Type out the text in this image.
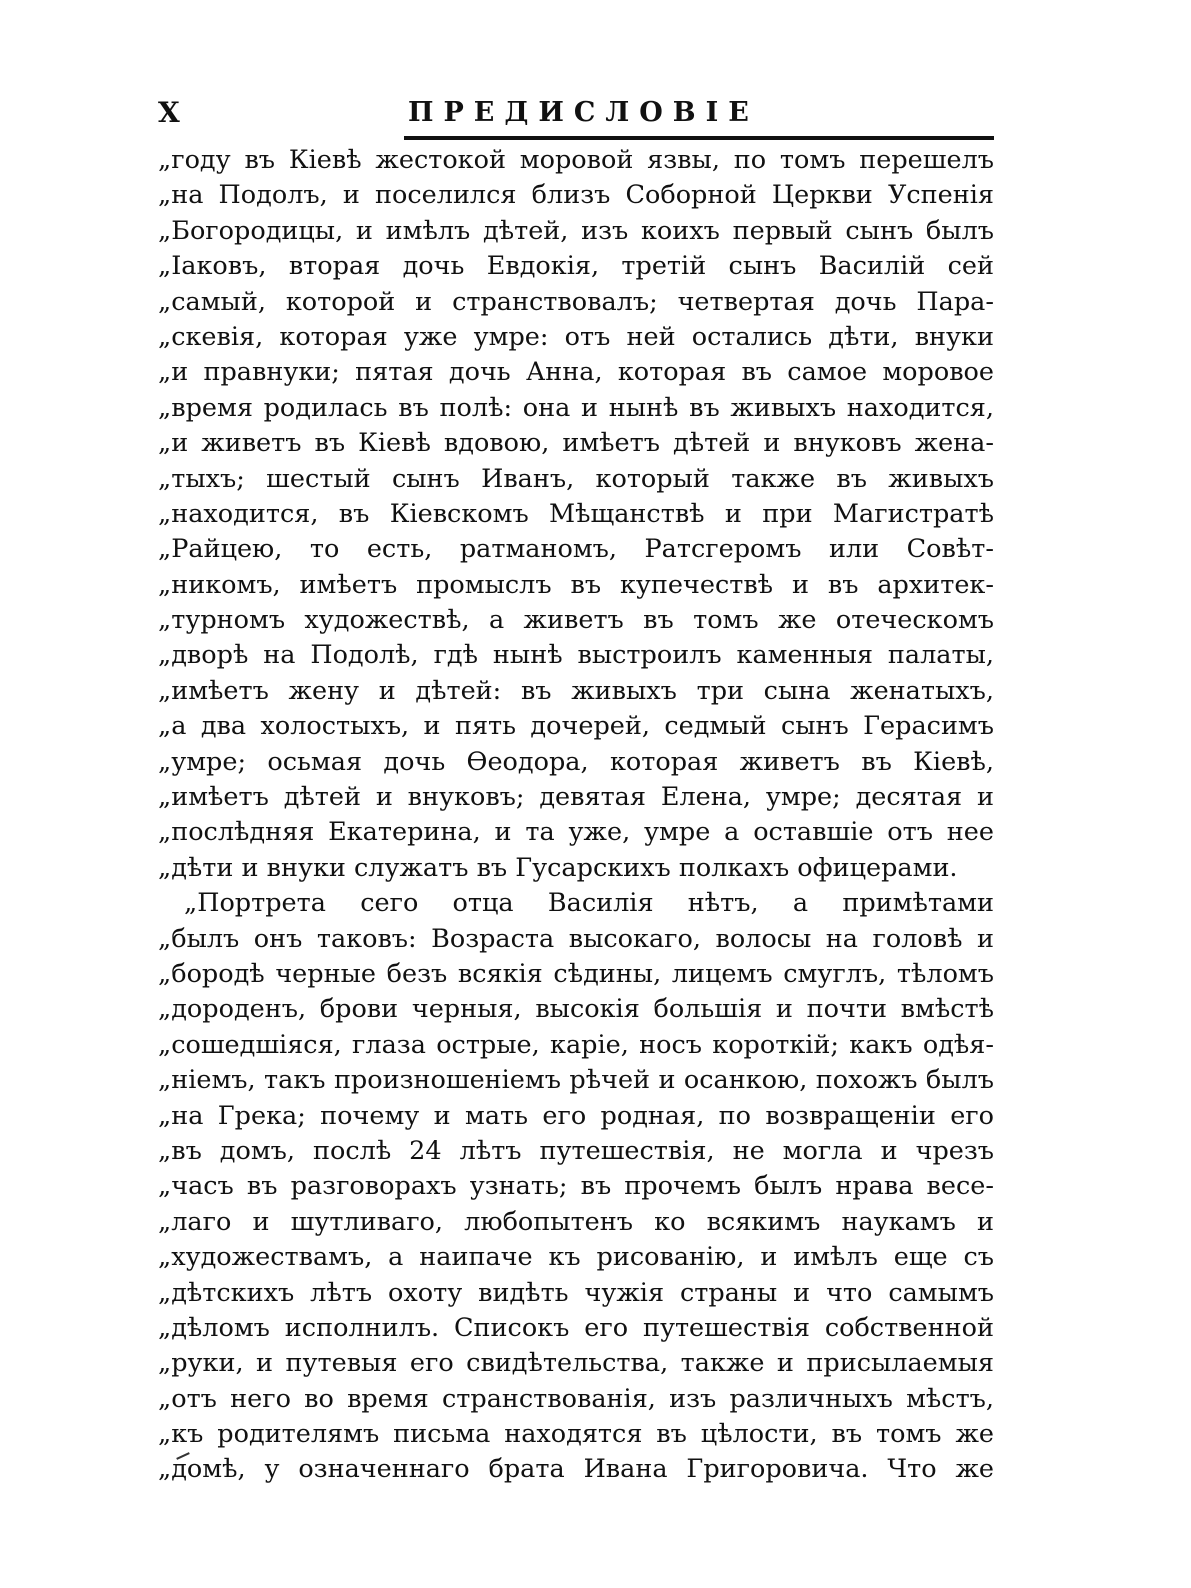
X	ПРЕДИСЛОВІЕ
„году въ Кіевѣ жестокой моровой язвы, по томъ перешелъ
„на Подолъ, и поселился близъ Соборной Церкви Успенія
„Богородицы, и имѣлъ дѣтей, изъ коихъ первый сынъ былъ
„Іаковъ, вторая дочь Евдокія, третій сынъ Василій сей
„самый, которой и странствовалъ; четвертая дочь Пара-
„скевія, которая уже умре: отъ ней остались дѣти, внуки
„и правнуки; пятая дочь Анна, которая въ самое моровое
„время родилась въ полѣ: она и нынѣ въ живыхъ находится,
„и живетъ въ Кіевѣ вдовою, имѣетъ дѣтей и внуковъ жена-
„тыхъ; шестый сынъ Иванъ, который также въ живыхъ
„находится, въ Кіевскомъ Мѣщанствѣ и при Магистратѣ
„Райцею, то есть, ратманомъ, Ратсгеромъ или Совѣт-
„никомъ, имѣетъ промыслъ въ купечествѣ и въ архитек-
„турномъ художествѣ, а живетъ въ томъ же отеческомъ
„дворѣ на Подолѣ, гдѣ нынѣ выстроилъ каменныя палаты,
„имѣетъ жену и дѣтей: въ живыхъ три сына женатыхъ,
„а два холостыхъ, и пять дочерей, седмый сынъ Герасимъ
„умре; осьмая дочь Ѳеодора, которая живетъ въ Кіевѣ,
„имѣетъ дѣтей и внуковъ; девятая Елена, умре; десятая и
„послѣдняя Екатерина, и та уже, умре а оставшіе отъ нее
„дѣти и внуки служатъ въ Гусарскихъ полкахъ офицерами.
„Портрета сего отца Василія нѣтъ, а примѣтами
„былъ онъ таковъ: Возраста высокаго, волосы на головѣ и
„бородѣ черные безъ всякія сѣдины, лицемъ смуглъ, тѣломъ
„дороденъ, брови черныя, высокія большія и почти вмѣстѣ
„сошедшіяся, глаза острые, каріе, носъ короткій; какъ одѣя-
„ніемъ, такъ произношеніемъ рѣчей и осанкою, похожъ былъ
„на Грека; почему и мать его родная, по возвращеніи его
„въ домъ, послѣ 24 лѣтъ путешествія, не могла и чрезъ
„часъ въ разговорахъ узнать; въ прочемъ былъ нрава весе-
„лаго и шутливаго, любопытенъ ко всякимъ наукамъ и
„художествамъ, а наипаче къ рисованію, и имѣлъ еще съ
„дѣтскихъ лѣтъ охоту видѣть чужія страны и что самымъ
„дѣломъ исполнилъ. Списокъ его путешествія собственной
„руки, и путевыя его свидѣтельства, также и присылаемыя
„отъ него во время странствованія, изъ различныхъ мѣстъ,
„къ родителямъ письма находятся въ цѣлости, въ томъ же
„домѣ, у означеннаго брата Ивана Григоровича. Что же
